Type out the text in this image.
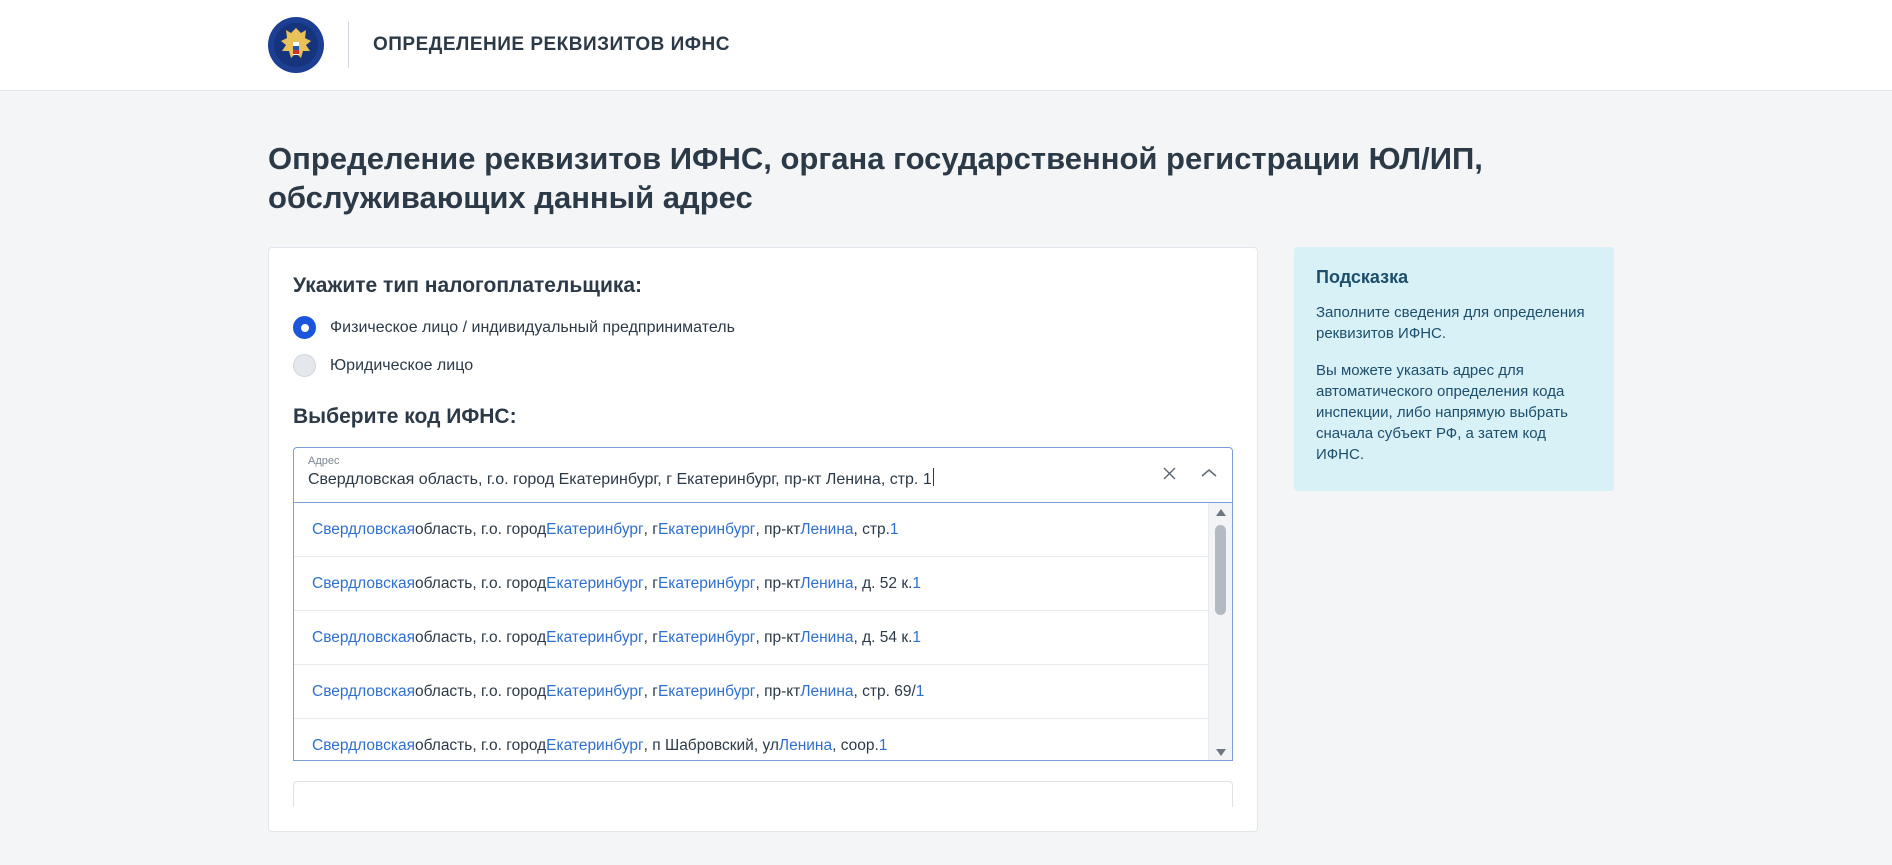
ОПРЕДЕЛЕНИЕ РЕКВИЗИТОВ ИФНС
Определение реквизитов ИФНС, органа государственной регистрации ЮЛ/ИП, обслуживающих данный адрес
Укажите тип налогоплательщика:
Физическое лицо / индивидуальный предприниматель
Юридическое лицо
Выберите код ИФНС:
Адрес
Свердловская область, г.о. город Екатеринбург, г Екатеринбург, пр-кт Ленина, стр. 1
Свердловская область, г.о. город Екатеринбург , г Екатеринбург , пр-кт Ленина , стр. 1
Свердловская область, г.о. город Екатеринбург , г Екатеринбург , пр-кт Ленина , д. 52 к. 1
Свердловская область, г.о. город Екатеринбург , г Екатеринбург , пр-кт Ленина , д. 54 к. 1
Свердловская область, г.о. город Екатеринбург , г Екатеринбург , пр-кт Ленина , стр. 69/ 1
Свердловская область, г.о. город Екатеринбург , п Шабровский, ул Ленина , соор. 1
Подсказка

Заполните сведения для определения реквизитов ИФНС.

Вы можете указать адрес для автоматического определения кода инспекции, либо напрямую выбрать сначала субъект РФ, а затем код ИФНС.
